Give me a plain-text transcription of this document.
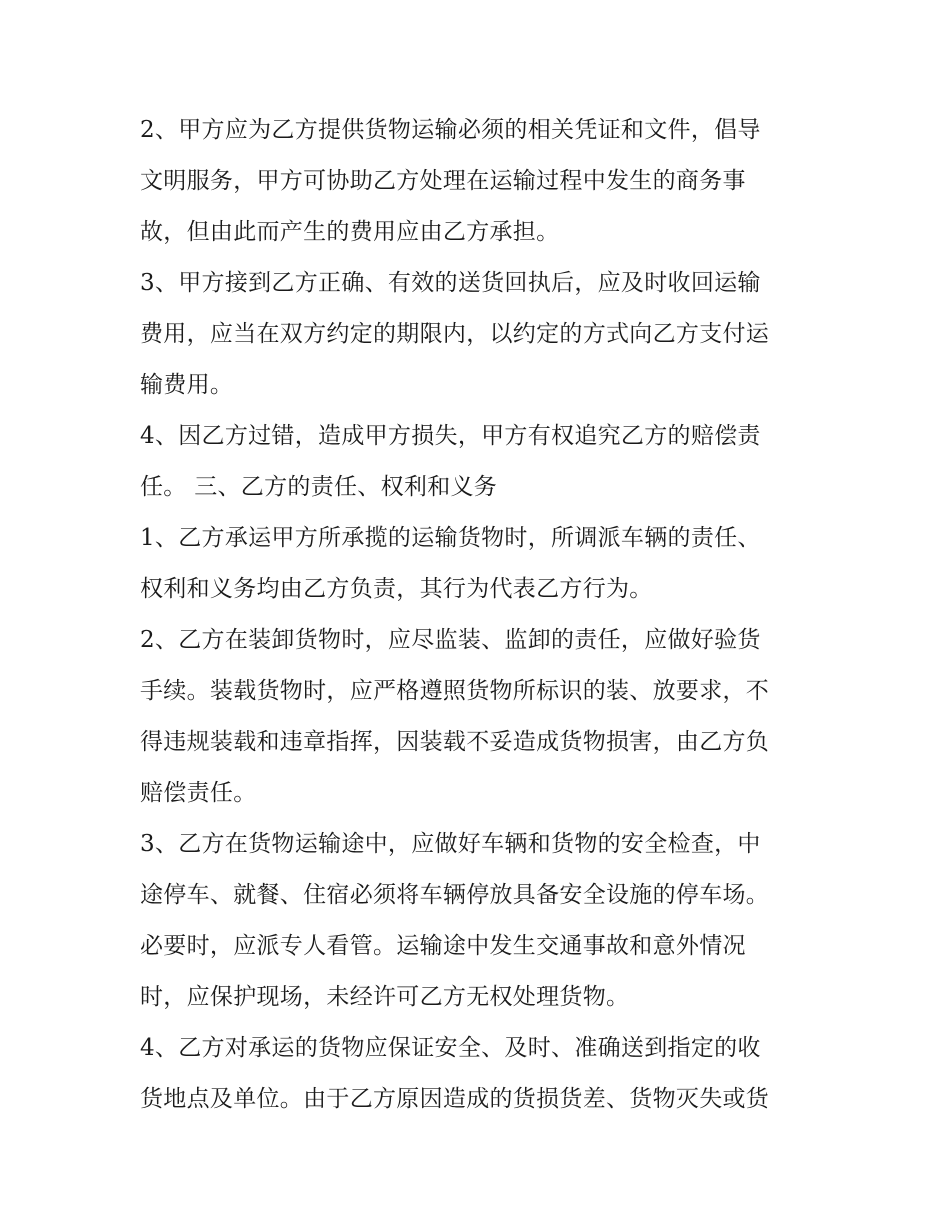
2、甲方应为乙方提供货物运输必须的相关凭证和文件，倡导
文明服务，甲方可协助乙方处理在运输过程中发生的商务事
故，但由此而产生的费用应由乙方承担。
3、甲方接到乙方正确、有效的送货回执后，应及时收回运输
费用，应当在双方约定的期限内，以约定的方式向乙方支付运
输费用。
4、因乙方过错，造成甲方损失，甲方有权追究乙方的赔偿责
任。 三、乙方的责任、权利和义务
1、乙方承运甲方所承揽的运输货物时，所调派车辆的责任、
权利和义务均由乙方负责，其行为代表乙方行为。
2、乙方在装卸货物时，应尽监装、监卸的责任，应做好验货
手续。装载货物时，应严格遵照货物所标识的装、放要求，不
得违规装载和违章指挥，因装载不妥造成货物损害，由乙方负
赔偿责任。
3、乙方在货物运输途中，应做好车辆和货物的安全检查，中
途停车、就餐、住宿必须将车辆停放具备安全设施的停车场。
必要时，应派专人看管。运输途中发生交通事故和意外情况
时，应保护现场，未经许可乙方无权处理货物。
4、乙方对承运的货物应保证安全、及时、准确送到指定的收
货地点及单位。由于乙方原因造成的货损货差、货物灭失或货
